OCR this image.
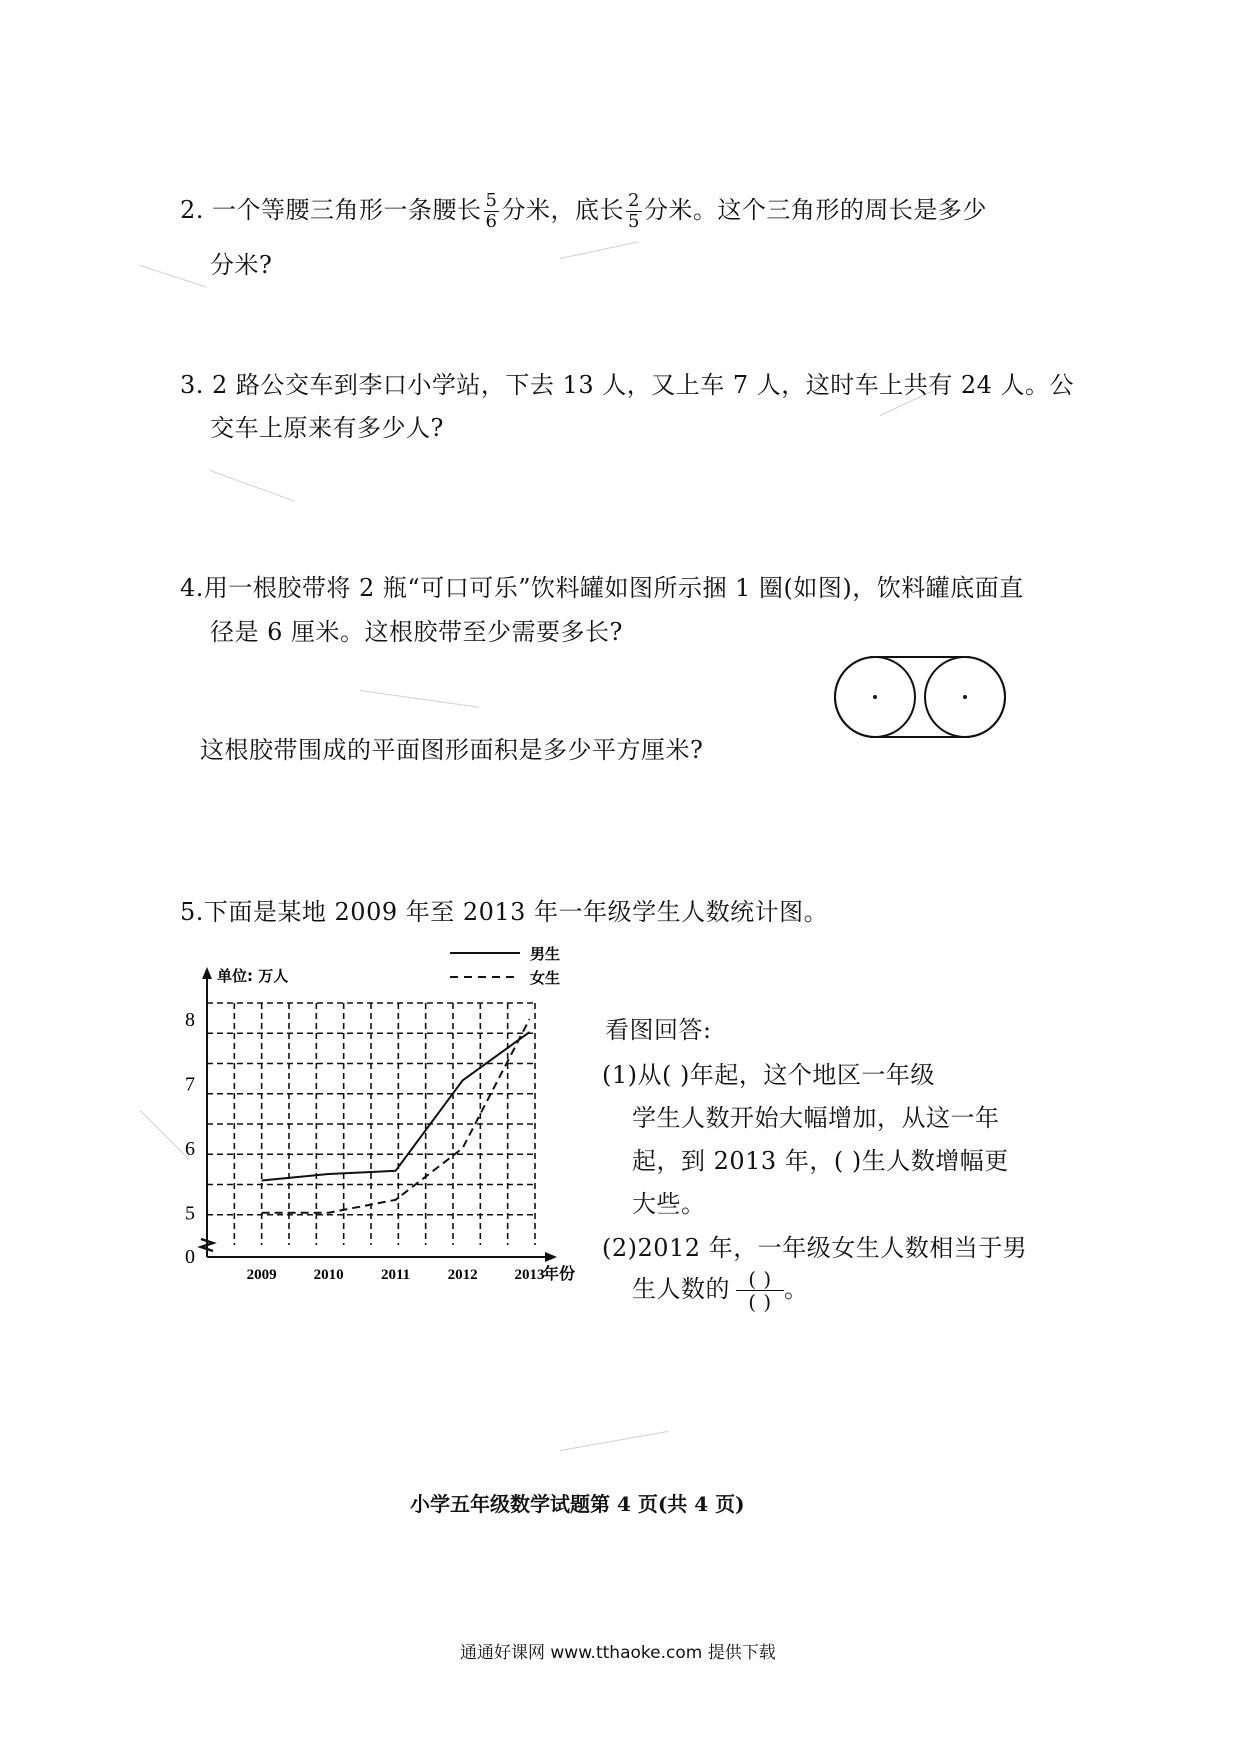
2. 一个等腰三角形一条腰长 $\frac{5}{6}$ 分米，底长 $\frac{2}{5}$ 分米。这个三角形的周长是多少
分米?
3. 2 路公交车到李口小学站，下去 13 人，又上车 7 人，这时车上共有 24 人。公
交车上原来有多少人?
4.用一根胶带将 2 瓶“可口可乐”饮料罐如图所示捆 1 圈(如图)，饮料罐底面直
径是 6 厘米。这根胶带至少需要多长?
这根胶带围成的平面图形面积是多少平方厘米?
5.下面是某地 2009 年至 2013 年一年级学生人数统计图。
0
5
6
7
8
2009 2010 2011 2012 2013
年份
单位: 万人
男生
女生
看图回答:
(1)从( )年起，这个地区一年级
学生人数开始大幅增加，从这一年
起，到 2013 年，( )生人数增幅更
大些。
(2)2012 年，一年级女生人数相当于男
生人数的 $\frac{( )}{( )}$ 。
小学五年级数学试题第 4 页(共 4 页)
通通好课网 www.tthaoke.com 提供下载
